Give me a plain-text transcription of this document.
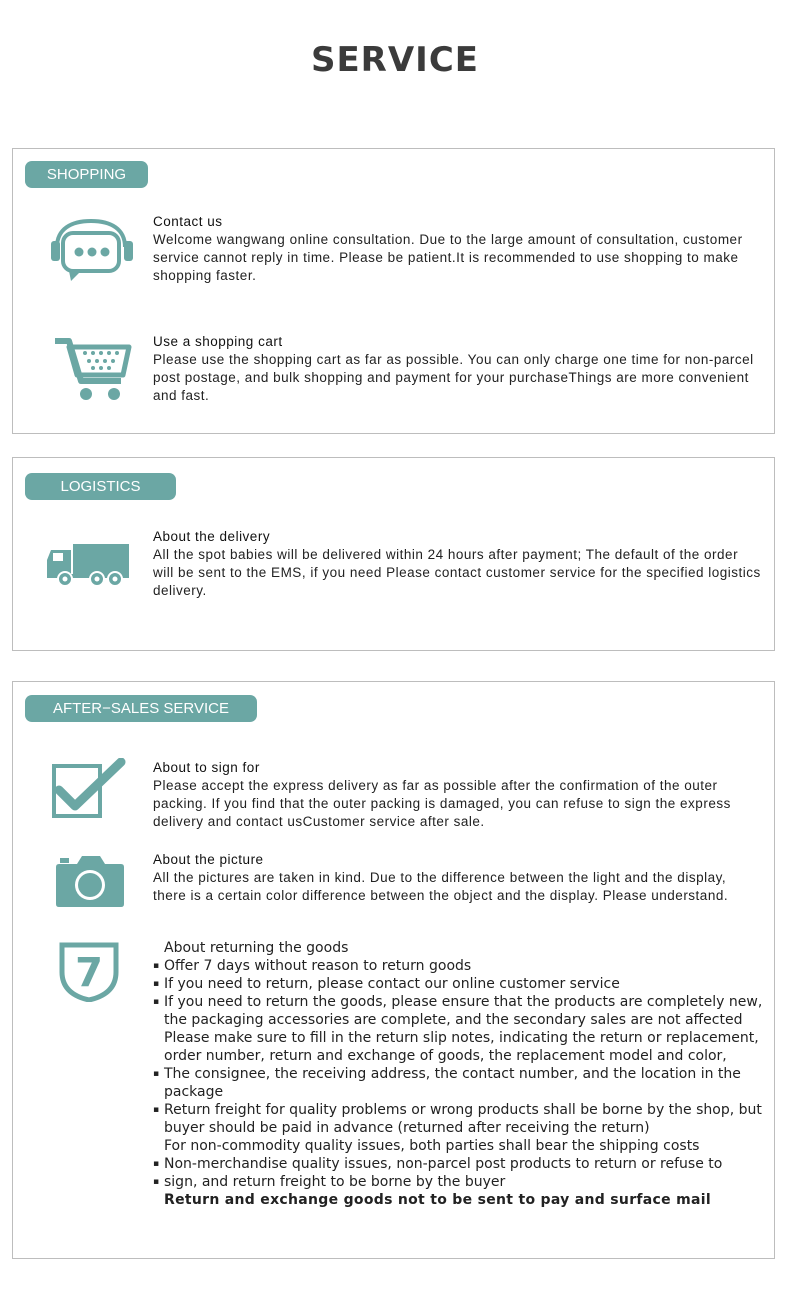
SERVICE
SHOPPING
Contact us
Welcome wangwang online consultation. Due to the large amount of consultation, customer service cannot reply in time. Please be patient.It is recommended to use shopping to make shopping faster.
Use a shopping cart
Please use the shopping cart as far as possible. You can only charge one time for non-parcel post postage, and bulk shopping and payment for your purchaseThings are more convenient and fast.
LOGISTICS
About the delivery
All the spot babies will be delivered within 24 hours after payment; The default of the order will be sent to the EMS, if you need Please contact customer service for the specified logistics delivery.
AFTER−SALES SERVICE
About to sign for
Please accept the express delivery as far as possible after the confirmation of the outer packing. If you find that the outer packing is damaged, you can refuse to sign the express delivery and contact usCustomer service after sale.
About the picture
All the pictures are taken in kind. Due to the difference between the light and the display, there is a certain color difference between the object and the display. Please understand.
7
About returning the goods
▪ Offer 7 days without reason to return goods
▪ If you need to return, please contact our online customer service
▪ If you need to return the goods, please ensure that the products are completely new, the packaging accessories are complete, and the secondary sales are not affected Please make sure to fill in the return slip notes, indicating the return or replacement, order number, return and exchange of goods, the replacement model and color,
▪ The consignee, the receiving address, the contact number, and the location in the package
▪ Return freight for quality problems or wrong products shall be borne by the shop, but buyer should be paid in advance (returned after receiving the return)
For non-commodity quality issues, both parties shall bear the shipping costs
▪ Non-merchandise quality issues, non-parcel post products to return or refuse to
▪ sign, and return freight to be borne by the buyer
Return and exchange goods not to be sent to pay and surface mail
